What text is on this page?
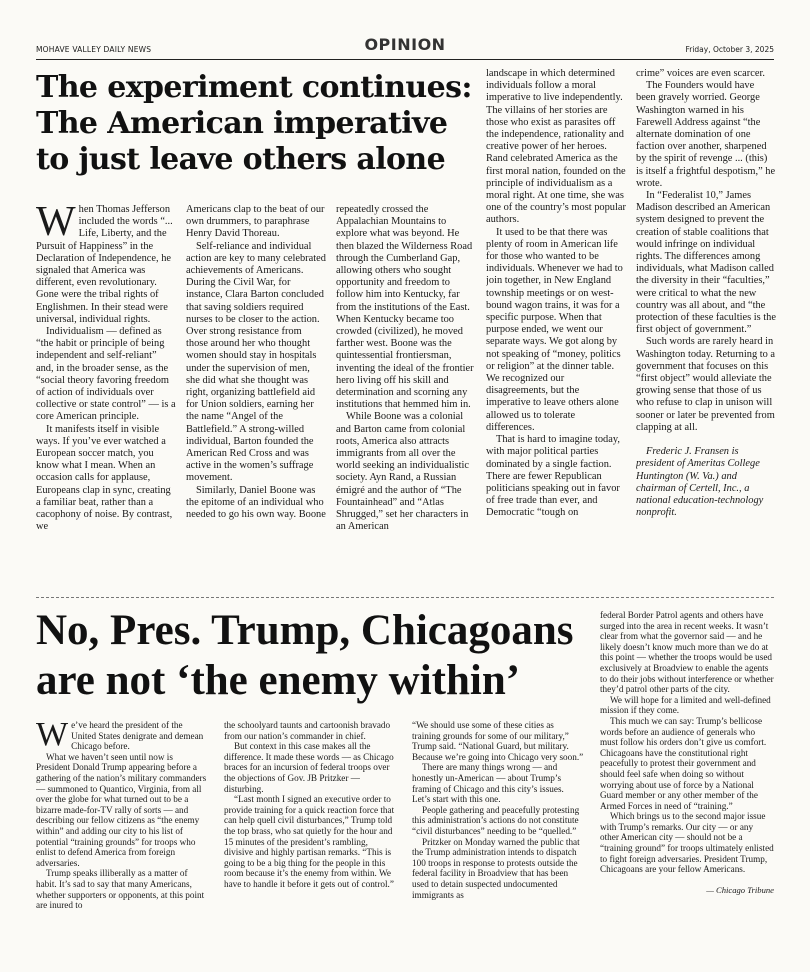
MOHAVE VALLEY DAILY NEWS	OPINION	Friday, October 3, 2025
The experiment continues: The American imperative to just leave others alone

When Thomas Jefferson included the words “... Life, Liberty, and the Pursuit of Happiness” in the Declaration of Independence, he signaled that America was different, even revolutionary. Gone were the tribal rights of Englishmen. In their stead were universal, individual rights.

Individualism — defined as “the habit or principle of being independent and self-reliant” and, in the broader sense, as the “social theory favoring freedom of action of individuals over collective or state control” — is a core American principle.

It manifests itself in visible ways. If you’ve ever watched a European soccer match, you know what I mean. When an occasion calls for applause, Europeans clap in sync, creating a familiar beat, rather than a cacophony of noise. By contrast, we

Americans clap to the beat of our own drummers, to paraphrase Henry David Thoreau.

Self-reliance and individual action are key to many celebrated achievements of Americans. During the Civil War, for instance, Clara Barton concluded that saving soldiers required nurses to be closer to the action. Over strong resistance from those around her who thought women should stay in hospitals under the supervision of men, she did what she thought was right, organizing battlefield aid for Union soldiers, earning her the name “Angel of the Battlefield.” A strong-willed individual, Barton founded the American Red Cross and was active in the women’s suffrage movement.

Similarly, Daniel Boone was the epitome of an individual who needed to go his own way. Boone

repeatedly crossed the Appalachian Mountains to explore what was beyond. He then blazed the Wilderness Road through the Cumberland Gap, allowing others who sought opportunity and freedom to follow him into Kentucky, far from the institutions of the East. When Kentucky became too crowded (civilized), he moved farther west. Boone was the quintessential frontiersman, inventing the ideal of the frontier hero living off his skill and determination and scorning any institutions that hemmed him in.

While Boone was a colonial and Barton came from colonial roots, America also attracts immigrants from all over the world seeking an individualistic society. Ayn Rand, a Russian émigré and the author of “The Fountainhead” and “Atlas Shrugged,” set her characters in an American

landscape in which determined individuals follow a moral imperative to live independently. The villains of her stories are those who exist as parasites off the independence, rationality and creative power of her heroes. Rand celebrated America as the first moral nation, founded on the principle of individualism as a moral right. At one time, she was one of the country’s most popular authors.

It used to be that there was plenty of room in American life for those who wanted to be individuals. Whenever we had to join together, in New England township meetings or on west-bound wagon trains, it was for a specific purpose. When that purpose ended, we went our separate ways. We got along by not speaking of “money, politics or religion” at the dinner table. We recognized our disagreements, but the imperative to leave others alone allowed us to tolerate differences.

That is hard to imagine today, with major political parties dominated by a single faction. There are fewer Republican politicians speaking out in favor of free trade than ever, and Democratic “tough on

crime” voices are even scarcer.

The Founders would have been gravely worried. George Washington warned in his Farewell Address against “the alternate domination of one faction over another, sharpened by the spirit of revenge ... (this) is itself a frightful despotism,” he wrote.

In “Federalist 10,” James Madison described an American system designed to prevent the creation of stable coalitions that would infringe on individual rights. The differences among individuals, what Madison called the diversity in their “faculties,” were critical to what the new country was all about, and “the protection of these faculties is the first object of government.”

Such words are rarely heard in Washington today. Returning to a government that focuses on this “first object” would alleviate the growing sense that those of us who refuse to clap in unison will sooner or later be prevented from clapping at all.

Frederic J. Fransen is president of Ameritas College Huntington (W. Va.) and chairman of Certell, Inc., a national education-technology nonprofit.

No, Pres. Trump, Chicagoans are not ‘the enemy within’

We’ve heard the president of the United States denigrate and demean Chicago before.

What we haven’t seen until now is President Donald Trump appearing before a gathering of the nation’s military commanders — summoned to Quantico, Virginia, from all over the globe for what turned out to be a bizarre made-for-TV rally of sorts — and describing our fellow citizens as “the enemy within” and adding our city to his list of potential “training grounds” for troops who enlist to defend America from foreign adversaries.

Trump speaks illiberally as a matter of habit. It’s sad to say that many Americans, whether supporters or opponents, at this point are inured to

the schoolyard taunts and cartoonish bravado from our nation’s commander in chief.

But context in this case makes all the difference. It made these words — as Chicago braces for an incursion of federal troops over the objections of Gov. JB Pritzker — disturbing.

“Last month I signed an executive order to provide training for a quick reaction force that can help quell civil disturbances,” Trump told the top brass, who sat quietly for the hour and 15 minutes of the president’s rambling, divisive and highly partisan remarks. “This is going to be a big thing for the people in this room because it’s the enemy from within. We have to handle it before it gets out of control.”

“We should use some of these cities as training grounds for some of our military,” Trump said. “National Guard, but military. Because we’re going into Chicago very soon.”

There are many things wrong — and honestly un-American — about Trump’s framing of Chicago and this city’s issues. Let’s start with this one.

People gathering and peacefully protesting this administration’s actions do not constitute “civil disturbances” needing to be “quelled.”

Pritzker on Monday warned the public that the Trump administration intends to dispatch 100 troops in response to protests outside the federal facility in Broadview that has been used to detain suspected undocumented immigrants as

federal Border Patrol agents and others have surged into the area in recent weeks. It wasn’t clear from what the governor said — and he likely doesn’t know much more than we do at this point — whether the troops would be used exclusively at Broadview to enable the agents to do their jobs without interference or whether they’d patrol other parts of the city.

We will hope for a limited and well-defined mission if they come.

This much we can say: Trump’s bellicose words before an audience of generals who must follow his orders don’t give us comfort. Chicagoans have the constitutional right peacefully to protest their government and should feel safe when doing so without worrying about use of force by a National Guard member or any other member of the Armed Forces in need of “training.”

Which brings us to the second major issue with Trump’s remarks. Our city — or any other American city — should not be a “training ground” for troops ultimately enlisted to fight foreign adversaries. President Trump, Chicagoans are your fellow Americans.

— Chicago Tribune
